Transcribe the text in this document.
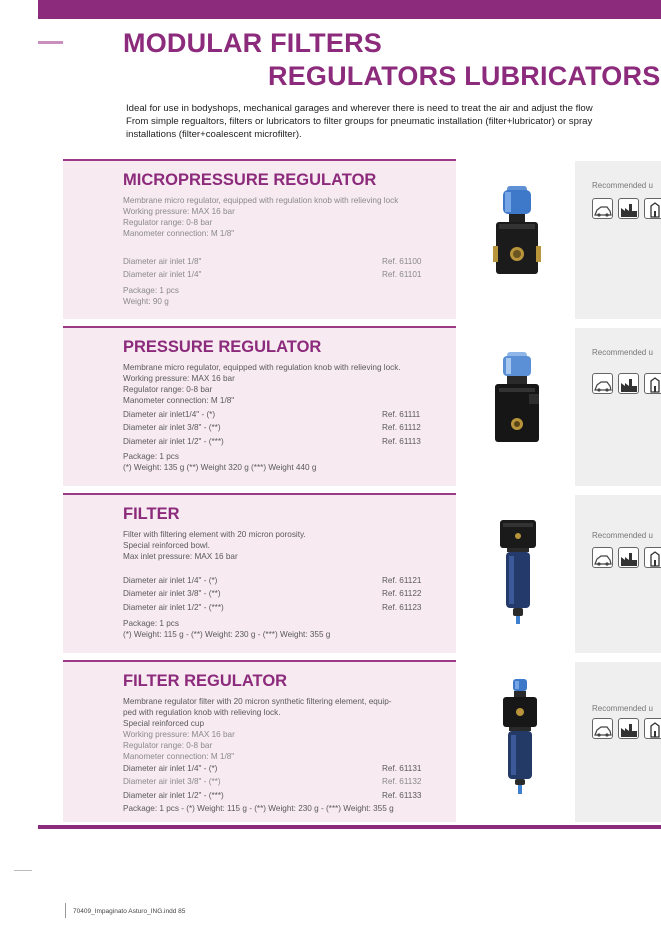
MODULAR FILTERS
REGULATORS LUBRICATORS
Ideal for use in bodyshops, mechanical garages and wherever there is need to treat the air and adjust the flow
From simple regualtors, filters or lubricators to filter groups for pneumatic installation (filter+lubricator) or spray
installations (filter+coalescent microfilter).
MICROPRESSURE REGULATOR
Membrane micro regulator, equipped with regulation knob with relieving lock
Working pressure: MAX 16 bar
Regulator range: 0-8 bar
Manometer connection: M 1/8"
Diameter air inlet 1/8"	Ref. 61100
Diameter air inlet 1/4"	Ref. 61101
Package: 1 pcs
Weight: 90 g
PRESSURE REGULATOR
Membrane micro regulator, equipped with regulation knob with relieving lock.
Working pressure: MAX 16 bar
Regulator range: 0-8 bar
Manometer connection: M 1/8"
Diameter air inlet1/4" - (*)	Ref. 61111
Diameter air inlet 3/8" - (**)	Ref. 61112
Diameter air inlet 1/2" - (***)	Ref. 61113
Package: 1 pcs
(*) Weight: 135 g (**) Weight 320 g (***) Weight 440 g
FILTER
Filter with filtering element with 20 micron porosity.
Special reinforced bowl.
Max inlet pressure: MAX 16 bar
Diameter air inlet 1/4" - (*)	Ref. 61121
Diameter air inlet 3/8" - (**)	Ref. 61122
Diameter air inlet 1/2" - (***)	Ref. 61123
Package: 1 pcs
(*) Weight: 115 g - (**) Weight: 230 g - (***) Weight: 355 g
FILTER REGULATOR
Membrane regulator filter with 20 micron synthetic filtering element, equip-
ped with regulation knob with relieving lock.
Special reinforced cup
Working pressure: MAX 16 bar
Regulator range: 0-8 bar
Manometer connection: M 1/8"
Diameter air inlet 1/4" - (*)	Ref. 61131
Diameter air inlet 3/8" - (**)	Ref. 61132
Diameter air inlet 1/2" - (***)	Ref. 61133
Package: 1 pcs - (*) Weight: 115 g - (**) Weight: 230 g - (***) Weight: 355 g
Recommended u
Recommended u
Recommended u
Recommended u
70409_Impaginato Asturo_ING.indd 85
